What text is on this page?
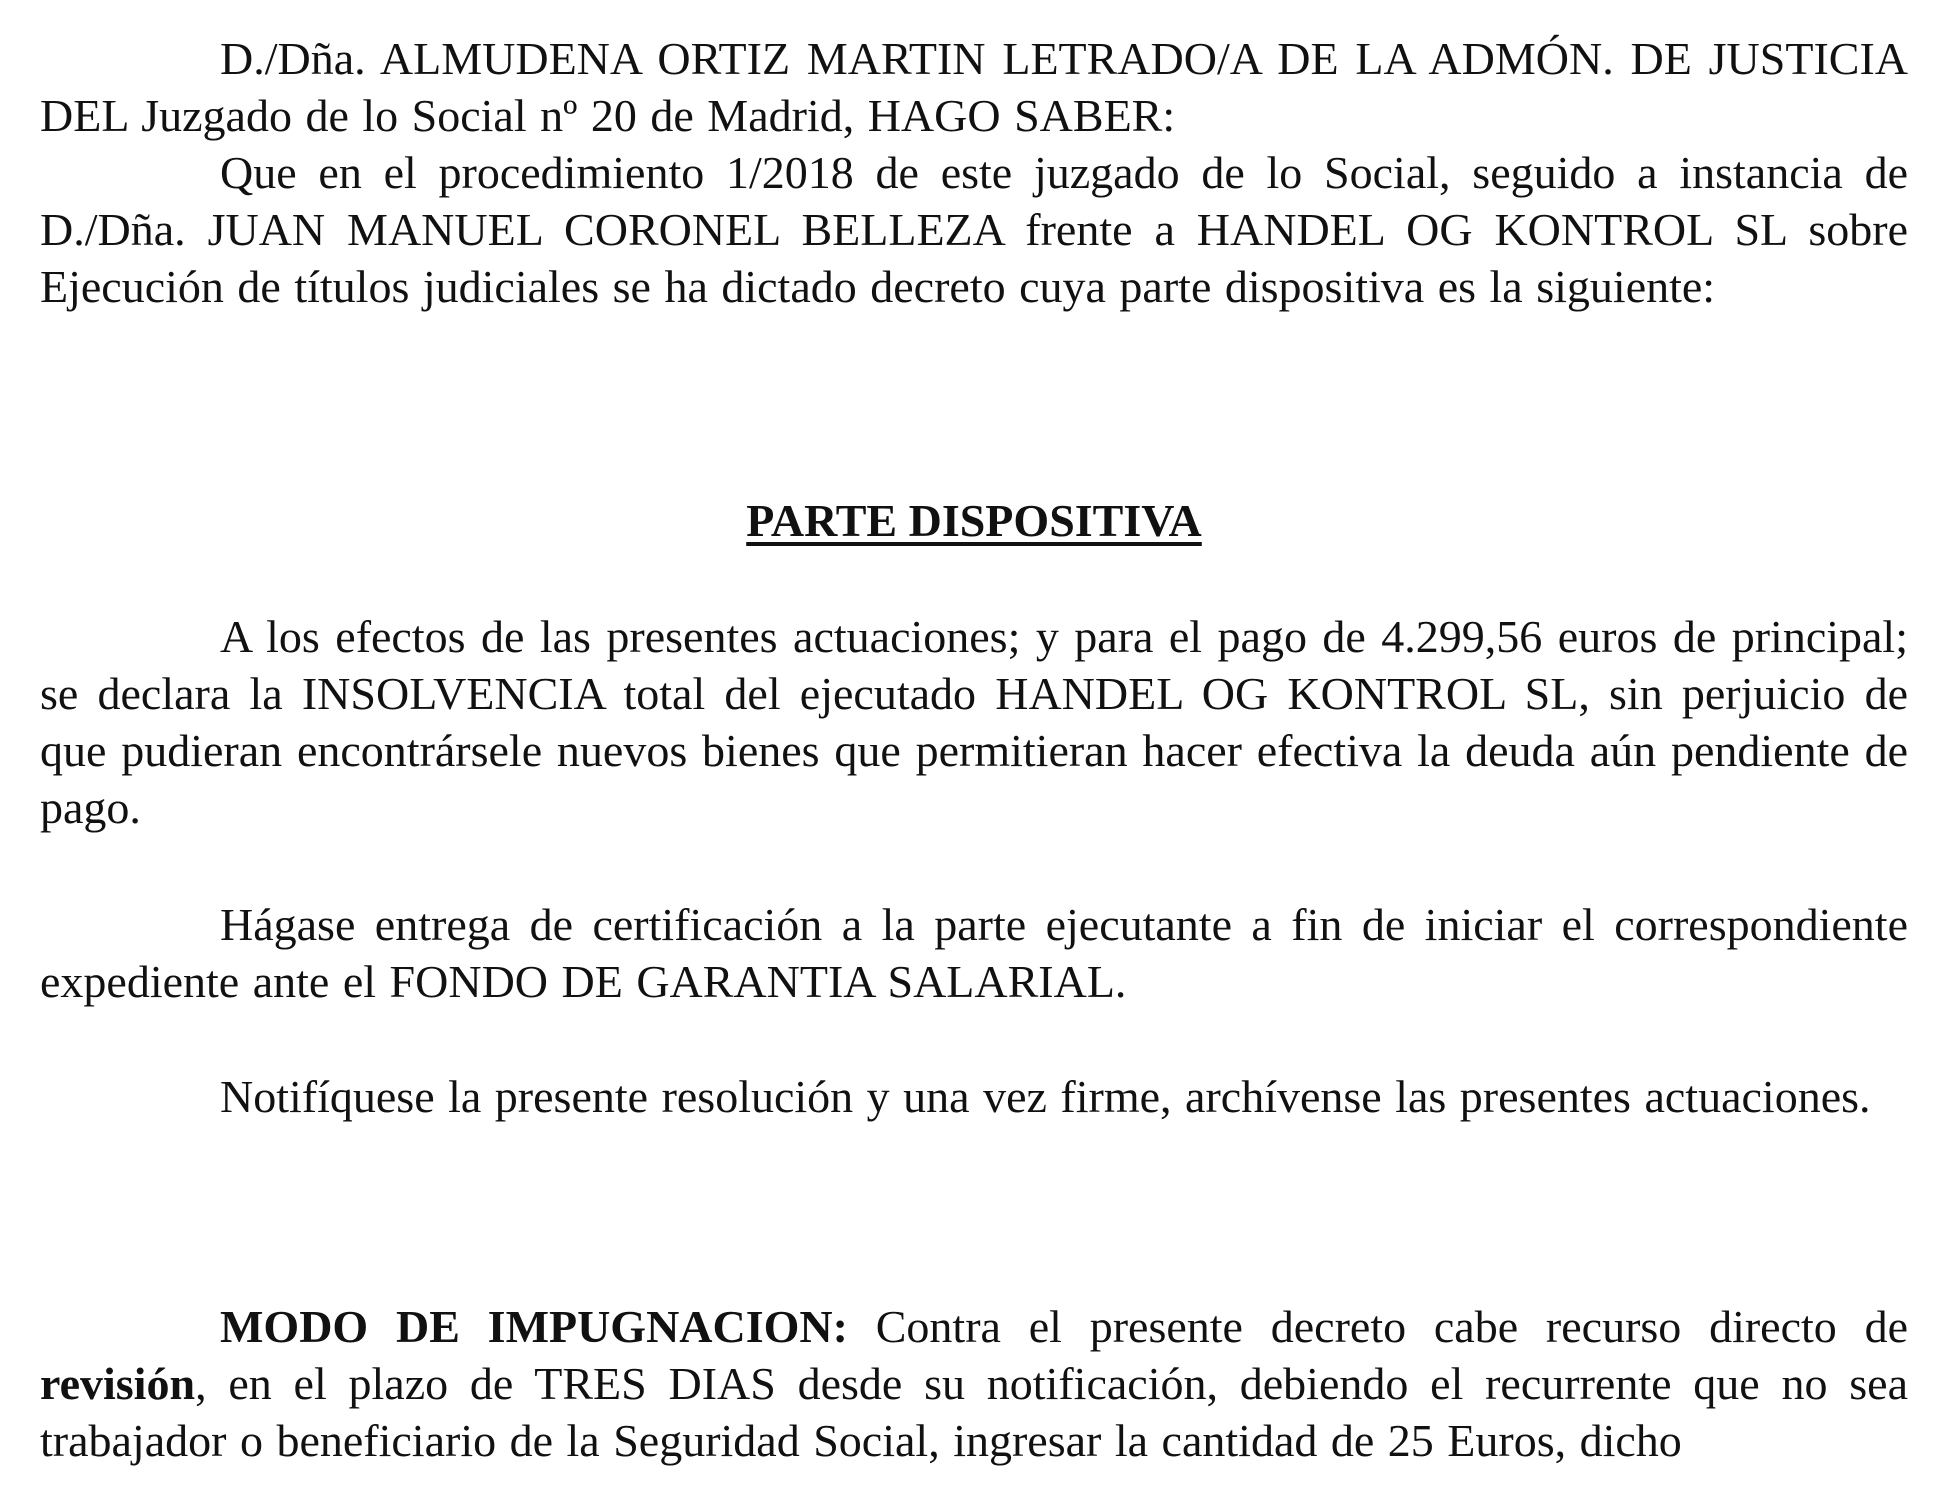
D./Dña. ALMUDENA ORTIZ MARTIN LETRADO/A DE LA ADMÓN. DE JUSTICIA DEL Juzgado de lo Social nº 20 de Madrid, HAGO SABER:

Que en el procedimiento 1/2018 de este juzgado de lo Social, seguido a instancia de D./Dña. JUAN MANUEL CORONEL BELLEZA frente a HANDEL OG KONTROL SL sobre Ejecución de títulos judiciales se ha dictado decreto cuya parte dispositiva es la siguiente:

PARTE DISPOSITIVA

A los efectos de las presentes actuaciones; y para el pago de 4.299,56 euros de principal; se declara la INSOLVENCIA total del ejecutado HANDEL OG KONTROL SL, sin perjuicio de que pudieran encontrársele nuevos bienes que permitieran hacer efectiva la deuda aún pendiente de pago.

Hágase entrega de certificación a la parte ejecutante a fin de iniciar el correspondiente expediente ante el FONDO DE GARANTIA SALARIAL.

Notifíquese la presente resolución y una vez firme, archívense las presentes actuaciones.

MODO DE IMPUGNACION: Contra el presente decreto cabe recurso directo de revisión, en el plazo de TRES DIAS desde su notificación, debiendo el recurrente que no sea trabajador o beneficiario de la Seguridad Social, ingresar la cantidad de 25 Euros, dicho
